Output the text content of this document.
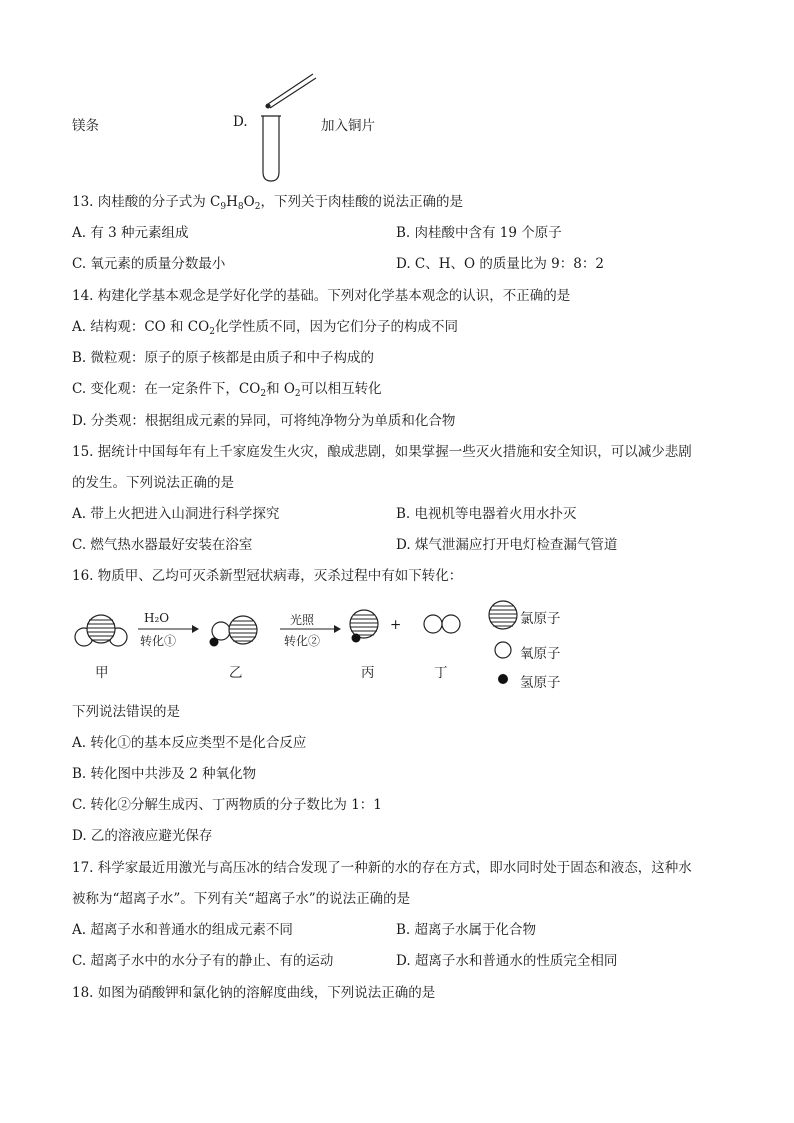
镁条	D.	加入铜片
13. 肉桂酸的分子式为 $C_9H_8O_2$，下列关于肉桂酸的说法正确的是
A. 有 3 种元素组成	B. 肉桂酸中含有 19 个原子
C. 氧元素的质量分数最小	D. C、H、O 的质量比为 9：8：2
14. 构建化学基本观念是学好化学的基础。下列对化学基本观念的认识，不正确的是
A. 结构观：CO 和 $CO_2$化学性质不同，因为它们分子的构成不同
B. 微粒观：原子的原子核都是由质子和中子构成的
C. 变化观：在一定条件下，$CO_2$和 $O_2$可以相互转化
D. 分类观：根据组成元素的异同，可将纯净物分为单质和化合物
15. 据统计中国每年有上千家庭发生火灾，酿成悲剧，如果掌握一些灭火措施和安全知识，可以减少悲剧
的发生。下列说法正确的是
A. 带上火把进入山洞进行科学探究	B. 电视机等电器着火用水扑灭
C. 燃气热水器最好安装在浴室	D. 煤气泄漏应打开电灯检查漏气管道
16. 物质甲、乙均可灭杀新型冠状病毒，灭杀过程中有如下转化：
H₂O
转化①
光照
转化②
+
甲	乙	丙	丁
氯原子
氧原子
氢原子
下列说法错误的是
A. 转化①的基本反应类型不是化合反应
B. 转化图中共涉及 2 种氧化物
C. 转化②分解生成丙、丁两物质的分子数比为 1：1
D. 乙的溶液应避光保存
17. 科学家最近用激光与高压冰的结合发现了一种新的水的存在方式，即水同时处于固态和液态，这种水
被称为“超离子水”。下列有关“超离子水”的说法正确的是
A. 超离子水和普通水的组成元素不同	B. 超离子水属于化合物
C. 超离子水中的水分子有的静止、有的运动	D. 超离子水和普通水的性质完全相同
18. 如图为硝酸钾和氯化钠的溶解度曲线，下列说法正确的是
